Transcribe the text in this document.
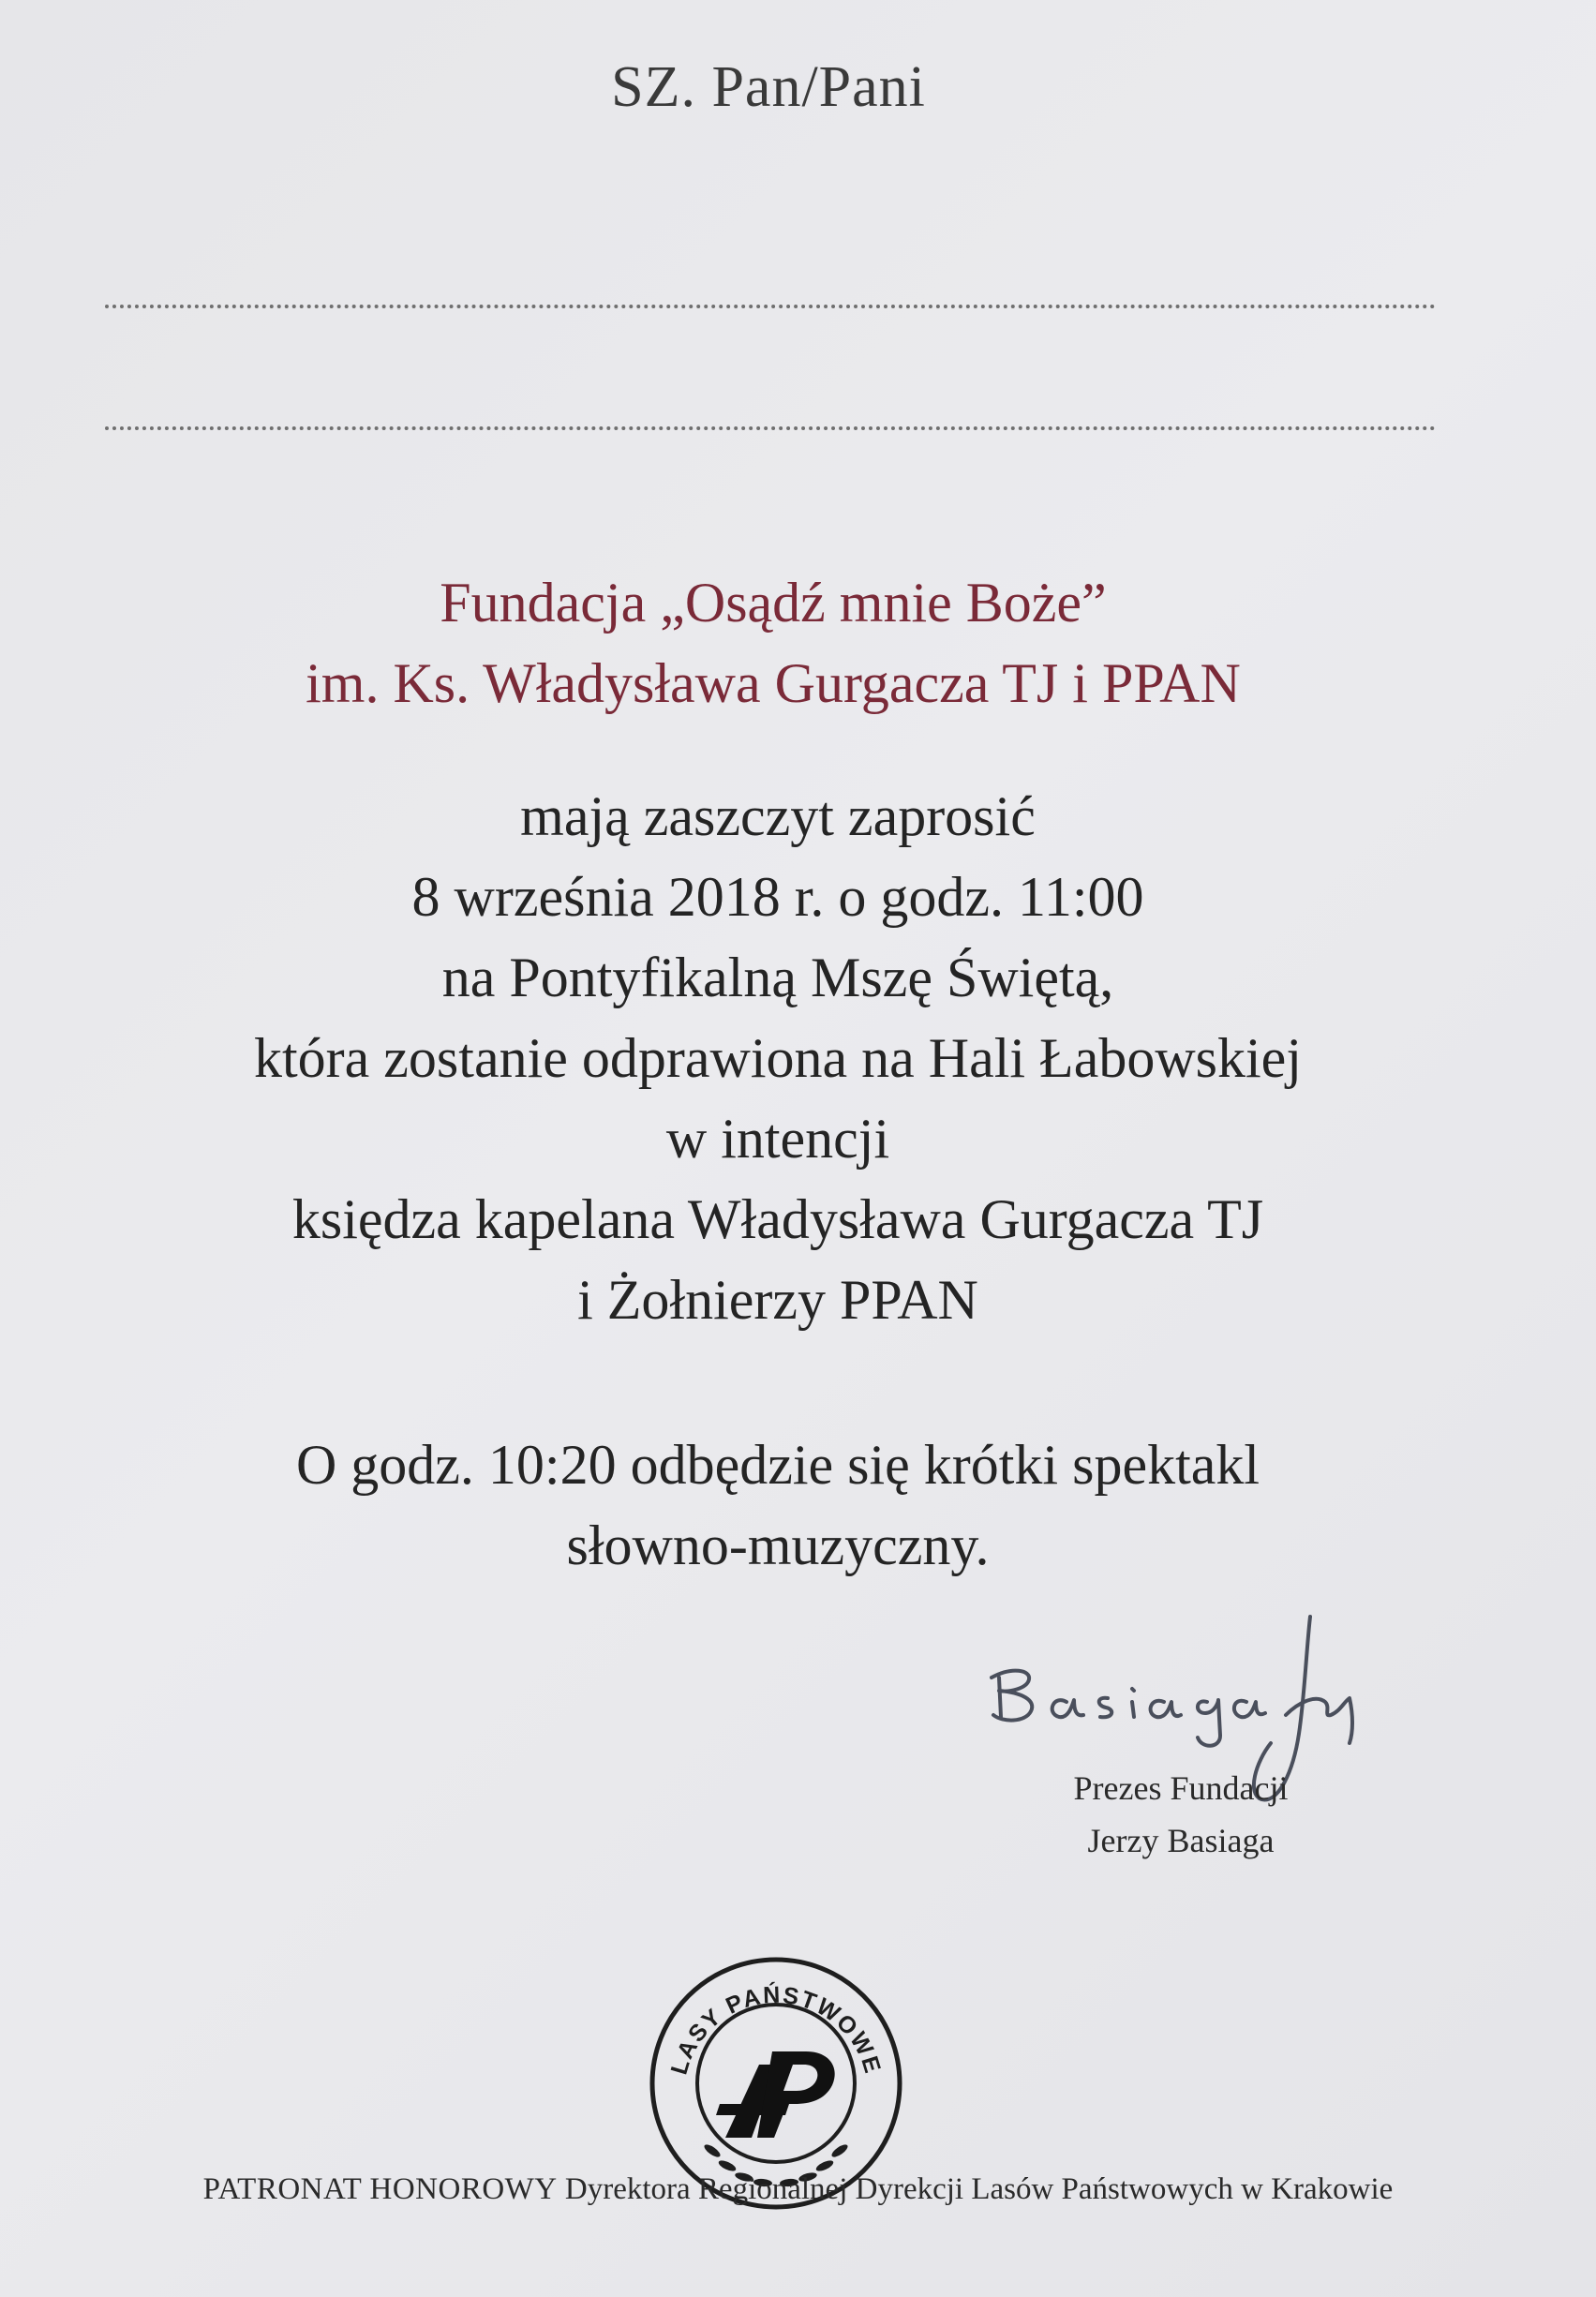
SZ. Pan/Pani
Fundacja „Osądź mnie Boże”
im. Ks. Władysława Gurgacza TJ i PPAN
mają zaszczyt zaprosić
8 września 2018 r. o godz. 11:00
na Pontyfikalną Mszę Świętą,
która zostanie odprawiona na Hali Łabowskiej
w intencji
księdza kapelana Władysława Gurgacza TJ
i Żołnierzy PPAN
O godz. 10:20 odbędzie się krótki spektakl
słowno-muzyczny.
Prezes Fundacji
Jerzy Basiaga
LASY PAŃSTWOWE
PATRONAT HONOROWY Dyrektora Regionalnej Dyrekcji Lasów Państwowych w Krakowie
